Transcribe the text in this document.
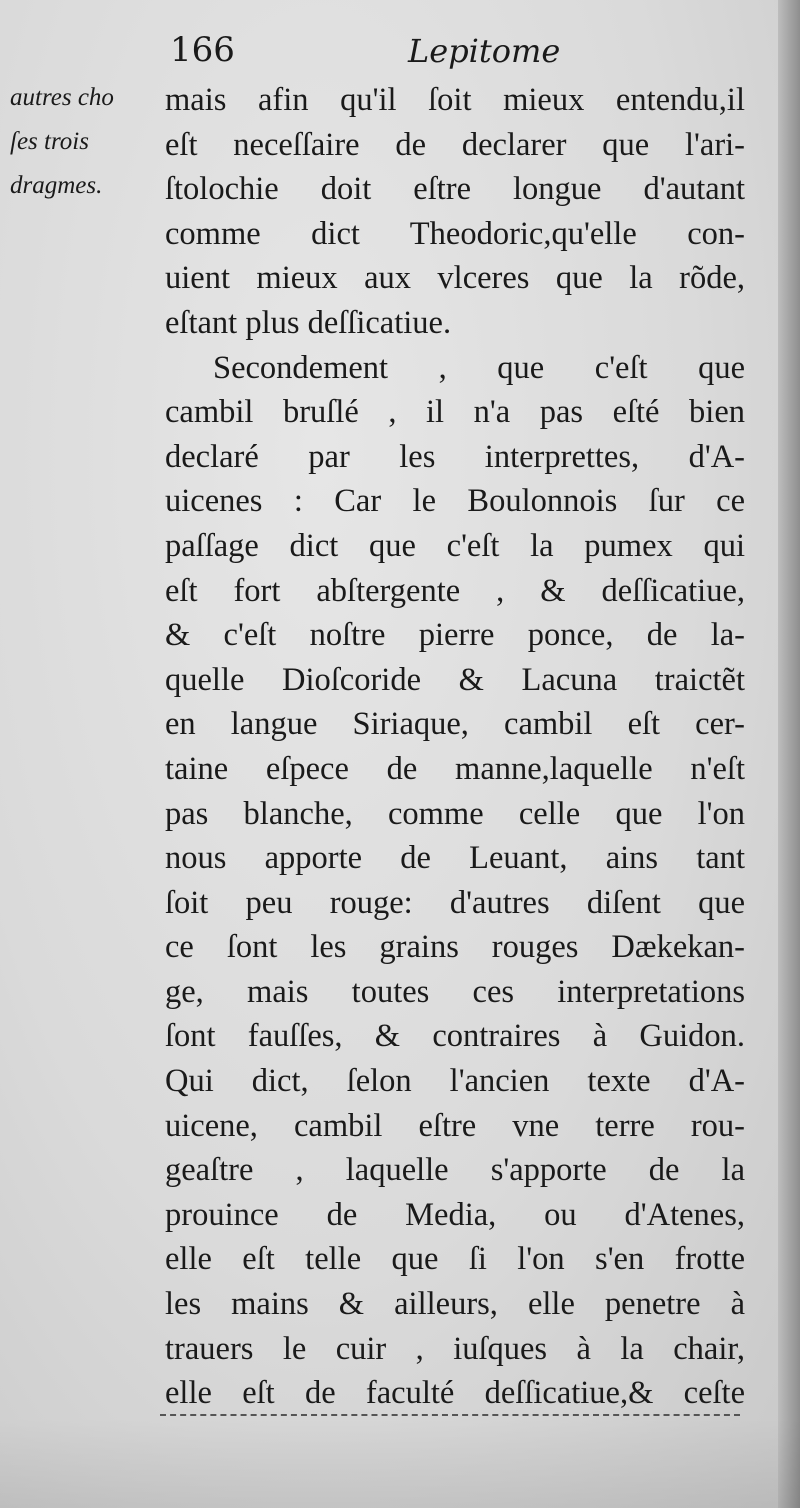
166	Lepitome
autres cho
ſes trois
dragmes.
mais afin qu'il ſoit mieux entendu,il
eſt neceſſaire de declarer que l'ari-
ſtolochie doit eſtre longue d'autant
comme dict Theodoric,qu'elle con-
uient mieux aux vlceres que la rõde,
eſtant plus deſſicatiue.
Secondement , que c'eſt que
cambil bruſlé , il n'a pas eſté bien
declaré par les interprettes, d'A-
uicenes : Car le Boulonnois ſur ce
paſſage dict que c'eſt la pumex qui
eſt fort abſtergente , & deſſicatiue,
& c'eſt noſtre pierre ponce, de la-
quelle Dioſcoride & Lacuna traictẽt
en langue Siriaque, cambil eſt cer-
taine eſpece de manne,laquelle n'eſt
pas blanche, comme celle que l'on
nous apporte de Leuant, ains tant
ſoit peu rouge: d'autres diſent que
ce ſont les grains rouges Dækekan-
ge, mais toutes ces interpretations
ſont fauſſes, & contraires à Guidon.
Qui dict, ſelon l'ancien texte d'A-
uicene, cambil eſtre vne terre rou-
geaſtre , laquelle s'apporte de la
prouince de Media, ou d'Atenes,
elle eſt telle que ſi l'on s'en frotte
les mains & ailleurs, elle penetre à
trauers le cuir , iuſques à la chair,
elle eſt de faculté deſſicatiue,& ceſte
